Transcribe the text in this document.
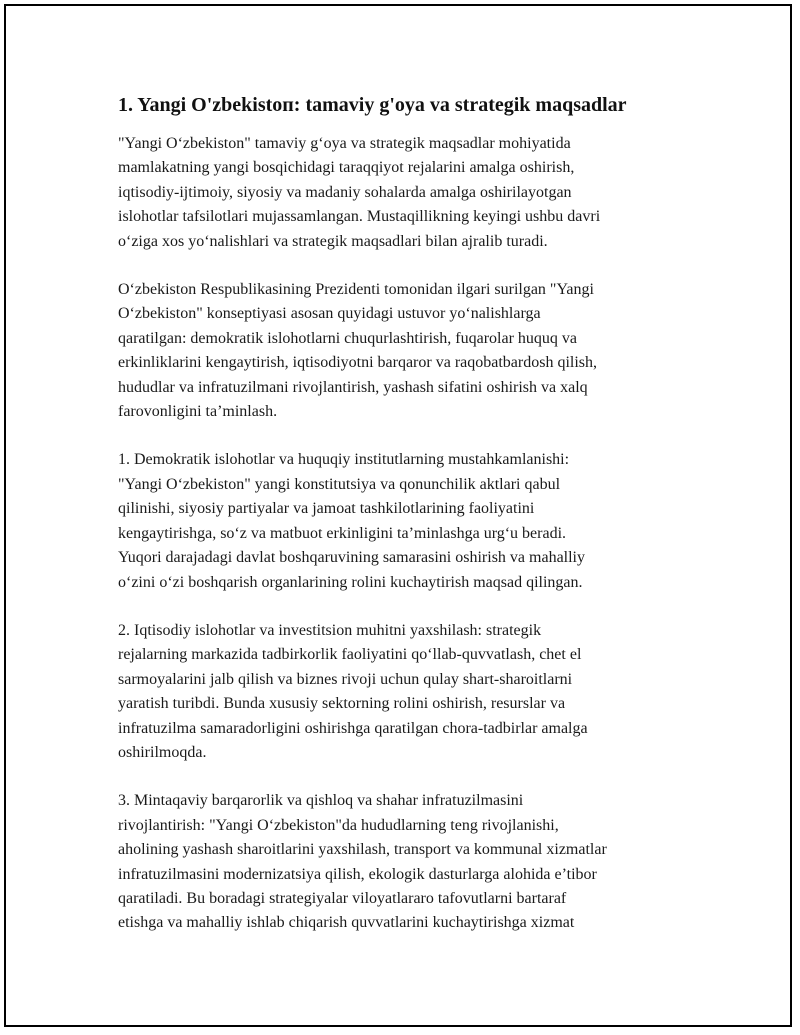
1. Yangi O'zbekistoп: tamaviy g'oya va strategik maqsadlar
"Yangi O‘zbekiston" tamaviy g‘oya va strategik maqsadlar mohiyatida
mamlakatning yangi bosqichidagi taraqqiyot rejalarini amalga oshirish,
iqtisodiy-ijtimoiy, siyosiy va madaniy sohalarda amalga oshirilayotgan
islohotlar tafsilotlari mujassamlangan. Mustaqillikning keyingi ushbu davri
o‘ziga xos yo‘nalishlari va strategik maqsadlari bilan ajralib turadi.
O‘zbekiston Respublikasining Prezidenti tomonidan ilgari surilgan "Yangi
O‘zbekiston" konseptiyasi asosan quyidagi ustuvor yo‘nalishlarga
qaratilgan: demokratik islohotlarni chuqurlashtirish, fuqarolar huquq va
erkinliklarini kengaytirish, iqtisodiyotni barqaror va raqobatbardosh qilish,
hududlar va infratuzilmani rivojlantirish, yashash sifatini oshirish va xalq
farovonligini ta’minlash.
1. Demokratik islohotlar va huquqiy institutlarning mustahkamlanishi:
"Yangi O‘zbekiston" yangi konstitutsiya va qonunchilik aktlari qabul
qilinishi, siyosiy partiyalar va jamoat tashkilotlarining faoliyatini
kengaytirishga, so‘z va matbuot erkinligini ta’minlashga urg‘u beradi.
Yuqori darajadagi davlat boshqaruvining samarasini oshirish va mahalliy
o‘zini o‘zi boshqarish organlarining rolini kuchaytirish maqsad qilingan.
2. Iqtisodiy islohotlar va investitsion muhitni yaxshilash: strategik
rejalarning markazida tadbirkorlik faoliyatini qo‘llab-quvvatlash, chet el
sarmoyalarini jalb qilish va biznes rivoji uchun qulay shart-sharoitlarni
yaratish turibdi. Bunda xususiy sektorning rolini oshirish, resurslar va
infratuzilma samaradorligini oshirishga qaratilgan chora-tadbirlar amalga
oshirilmoqda.
3. Mintaqaviy barqarorlik va qishloq va shahar infratuzilmasini
rivojlantirish: "Yangi O‘zbekiston"da hududlarning teng rivojlanishi,
aholining yashash sharoitlarini yaxshilash, transport va kommunal xizmatlar
infratuzilmasini modernizatsiya qilish, ekologik dasturlarga alohida e’tibor
qaratiladi. Bu boradagi strategiyalar viloyatlararo tafovutlarni bartaraf
etishga va mahalliy ishlab chiqarish quvvatlarini kuchaytirishga xizmat
